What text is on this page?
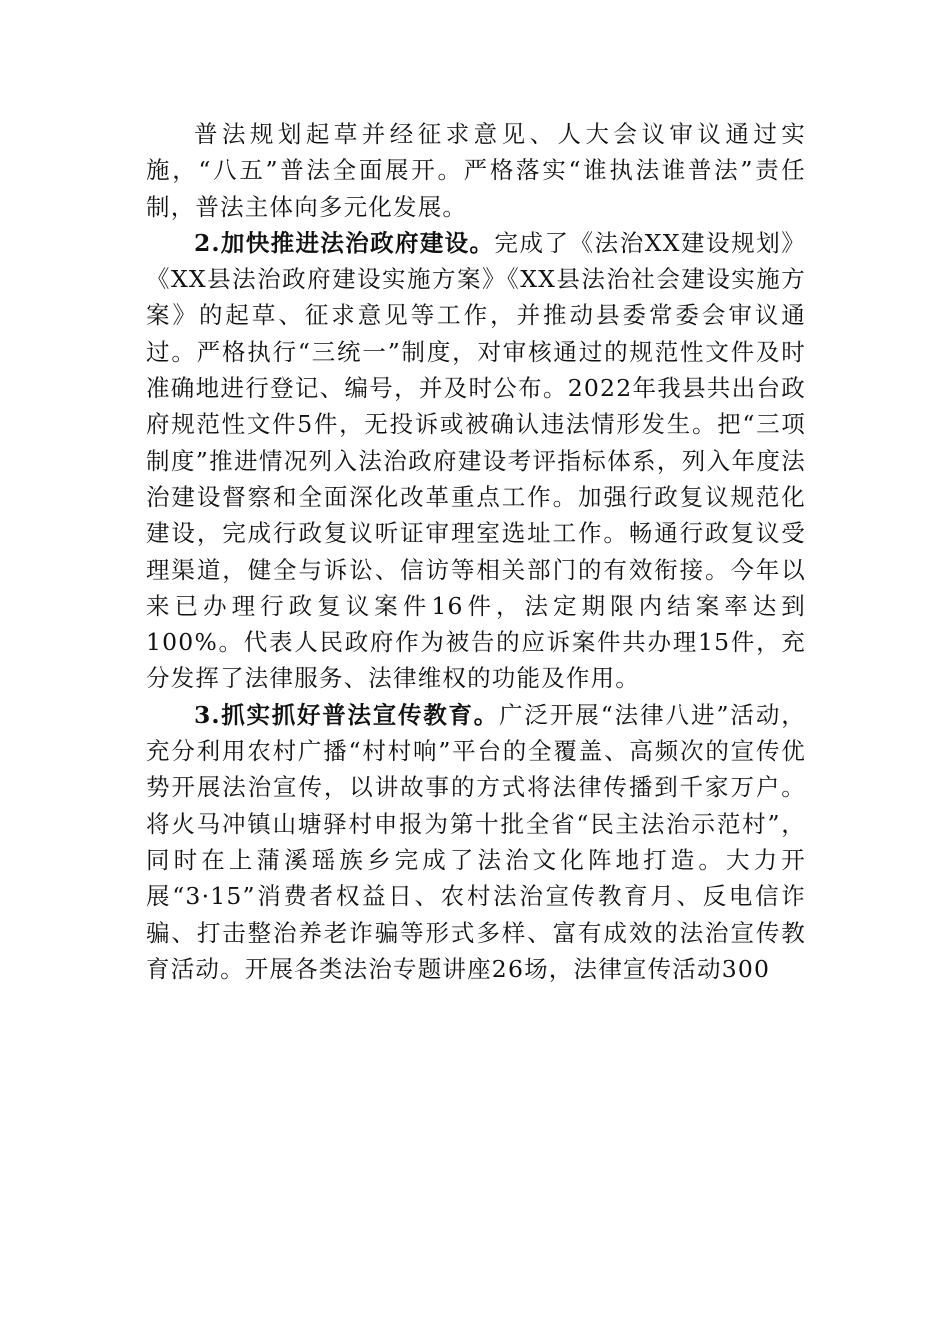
普法规划起草并经征求意见、人大会议审议通过实施，“八五”普法全面展开。严格落实“谁执法谁普法”责任制，普法主体向多元化发展。

2.加快推进法治政府建设。完成了《法治XX建设规划》《XX县法治政府建设实施方案》《XX县法治社会建设实施方案》的起草、征求意见等工作，并推动县委常委会审议通过。严格执行“三统一”制度，对审核通过的规范性文件及时准确地进行登记、编号，并及时公布。2022年我县共出台政府规范性文件5件，无投诉或被确认违法情形发生。把“三项制度”推进情况列入法治政府建设考评指标体系，列入年度法治建设督察和全面深化改革重点工作。加强行政复议规范化建设，完成行政复议听证审理室选址工作。畅通行政复议受理渠道，健全与诉讼、信访等相关部门的有效衔接。今年以来已办理行政复议案件16件，法定期限内结案率达到100%。代表人民政府作为被告的应诉案件共办理15件，充分发挥了法律服务、法律维权的功能及作用。

3.抓实抓好普法宣传教育。广泛开展“法律八进”活动，充分利用农村广播“村村响”平台的全覆盖、高频次的宣传优势开展法治宣传，以讲故事的方式将法律传播到千家万户。将火马冲镇山塘驿村申报为第十批全省“民主法治示范村”，同时在上蒲溪瑶族乡完成了法治文化阵地打造。大力开展“3·15”消费者权益日、农村法治宣传教育月、反电信诈骗、打击整治养老诈骗等形式多样、富有成效的法治宣传教育活动。开展各类法治专题讲座26场，法律宣传活动300
